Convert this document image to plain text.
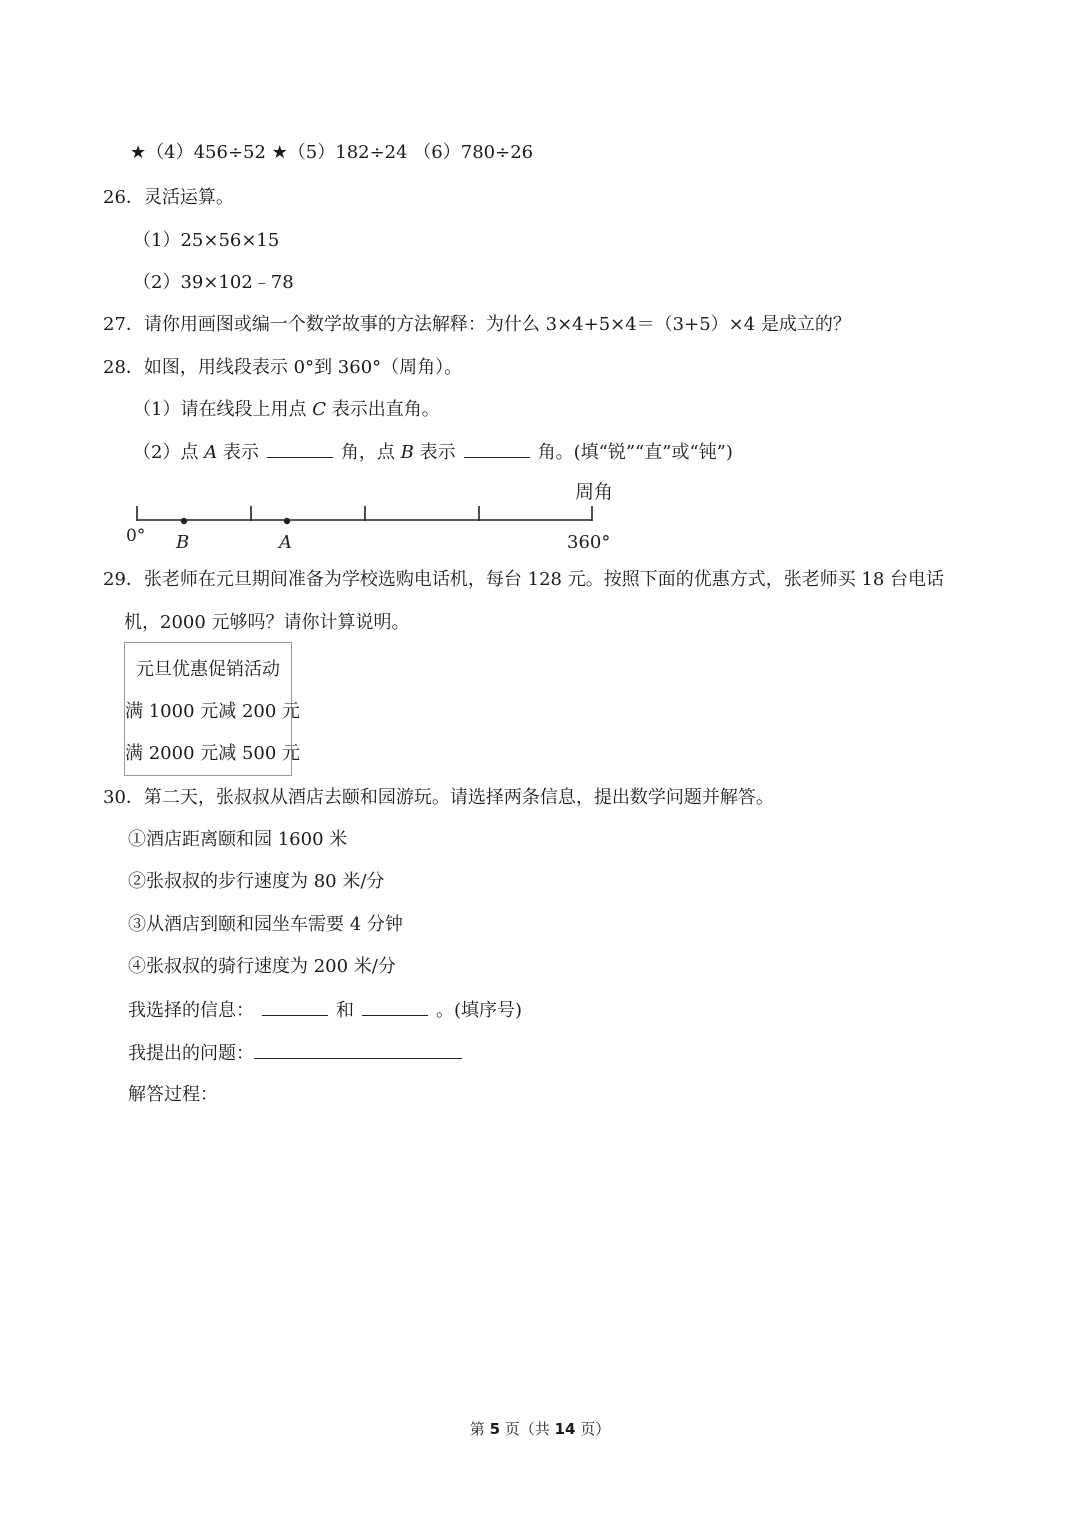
★（4）456÷52 ★（5）182÷24 （6）780÷26
26．灵活运算。
（1）25×56×15
（2）39×102﹣78
27．请你用画图或编一个数学故事的方法解释：为什么 3×4+5×4＝（3+5）×4 是成立的？
28．如图，用线段表示 0°到 360°（周角）。
（1）请在线段上用点 C 表示出直角。
（2）点 A 表示	角，点 B 表示	角。(填“锐”“直”或“钝”)
周角
0° B	A	360°
29．张老师在元旦期间准备为学校选购电话机，每台 128 元。按照下面的优惠方式，张老师买 18 台电话
机，2000 元够吗？请你计算说明。
元旦优惠促销活动
满 1000 元减 200 元
满 2000 元减 500 元
30．第二天，张叔叔从酒店去颐和园游玩。请选择两条信息，提出数学问题并解答。
①酒店距离颐和园 1600 米
②张叔叔的步行速度为 80 米/分
③从酒店到颐和园坐车需要 4 分钟
④张叔叔的骑行速度为 200 米/分
我选择的信息：	和	。(填序号)
我提出的问题：
解答过程：
第 5 页（共 14 页）
